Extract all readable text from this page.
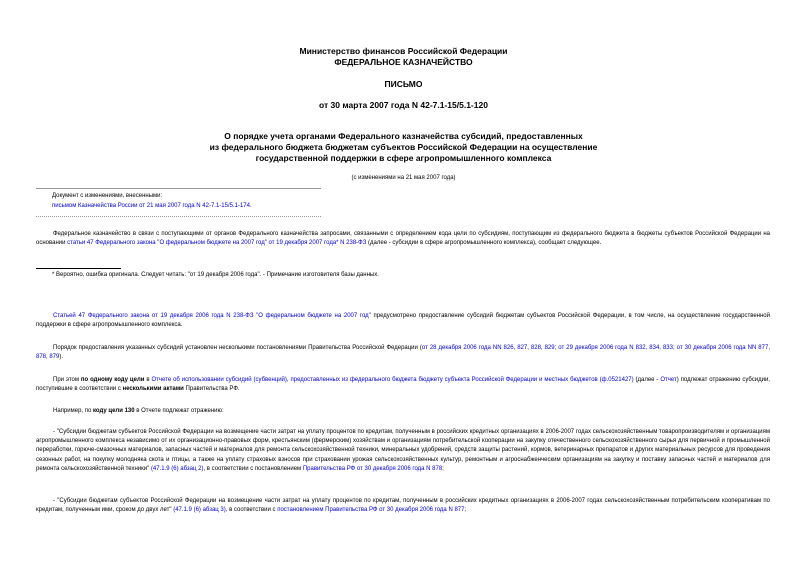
Министерство финансов Российской Федерации
ФЕДЕРАЛЬНОЕ КАЗНАЧЕЙСТВО
ПИСЬМО
от 30 марта 2007 года N 42-7.1-15/5.1-120
О порядке учета органами Федерального казначейства субсидий, предоставленных
из федерального бюджета бюджетам субъектов Российской Федерации на осуществление
государственной поддержки в сфере агропромышленного комплекса
(с изменениями на 21 мая 2007 года)
Документ с изменениями, внесенными:
письмом Казначейства России от 21 мая 2007 года N 42-7.1-15/5.1-174.

Федеральное казначейство в связи с поступающими от органов Федерального казначейства запросами, связанными с определением кода цели по субсидиям, поступающим из федерального бюджета в бюджеты субъектов Российской Федерации на основании статьи 47 Федерального закона "О федеральном бюджете на 2007 год" от 19 декабря 2007 года* N 238-ФЗ (далее - субсидии в сфере агропромышленного комплекса), сообщает следующее.

* Вероятно, ошибка оригинала. Следует читать: "от 19 декабря 2006 года". - Примечание изготовителя базы данных.

Статьей 47 Федерального закона от 19 декабря 2006 года N 238-ФЗ "О федеральном бюджете на 2007 год" предусмотрено предоставление субсидий бюджетам субъектов Российской Федерации, в том числе, на осуществление государственной поддержки в сфере агропромышленного комплекса.

Порядок предоставления указанных субсидий установлен несколькими постановлениями Правительства Российской Федерации (от 28 декабря 2006 года NN 826, 827, 828, 829; от 29 декабря 2006 года N 832, 834, 833; от 30 декабря 2006 года NN 877, 878, 879).

При этом по одному коду цели в Отчете об использовании субсидий (субвенций), предоставленных из федерального бюджета бюджету субъекта Российской Федерации и местных бюджетов (ф.0521427) (далее - Отчет) подлежат отражению субсидии, поступившие в соответствии с несколькими актами Правительства РФ.

Например, по коду цели 130 в Отчете подлежат отражению:

- "Субсидии бюджетам субъектов Российской Федерации на возмещение части затрат на уплату процентов по кредитам, полученным в российских кредитных организациях в 2006-2007 годах сельскохозяйственным товаропроизводителям и организациям агропромышленного комплекса независимо от их организационно-правовых форм, крестьянским (фермерским) хозяйствам и организациям потребительской кооперации на закупку отечественного сельскохозяйственного сырья для первичной и промышленной переработки, горюче-смазочных материалов, запасных частей и материалов для ремонта сельскохозяйственной техники, минеральных удобрений, средств защиты растений, кормов, ветеринарных препаратов и других материальных ресурсов для проведения сезонных работ, на покупку молодняка скота и птицы, а также на уплату страховых взносов при страховании урожая сельскохозяйственных культур, ремонтным и агроснабженческим организациям на закупку и поставку запасных частей и материалов для ремонта сельскохозяйственной техники" (47.1.9 (6) абзац 2), в соответствии с постановлением Правительства РФ от 30 декабря 2006 года N 878;

- "Субсидии бюджетам субъектов Российской Федерации на возмещение части затрат на уплату процентов по кредитам, полученным в российских кредитных организациях в 2006-2007 годах сельскохозяйственным потребительским кооперативам по кредитам, полученным ими, сроком до двух лет" (47.1.9 (6) абзац 3), в соответствии с постановлением Правительства РФ от 30 декабря 2006 года N 877;
